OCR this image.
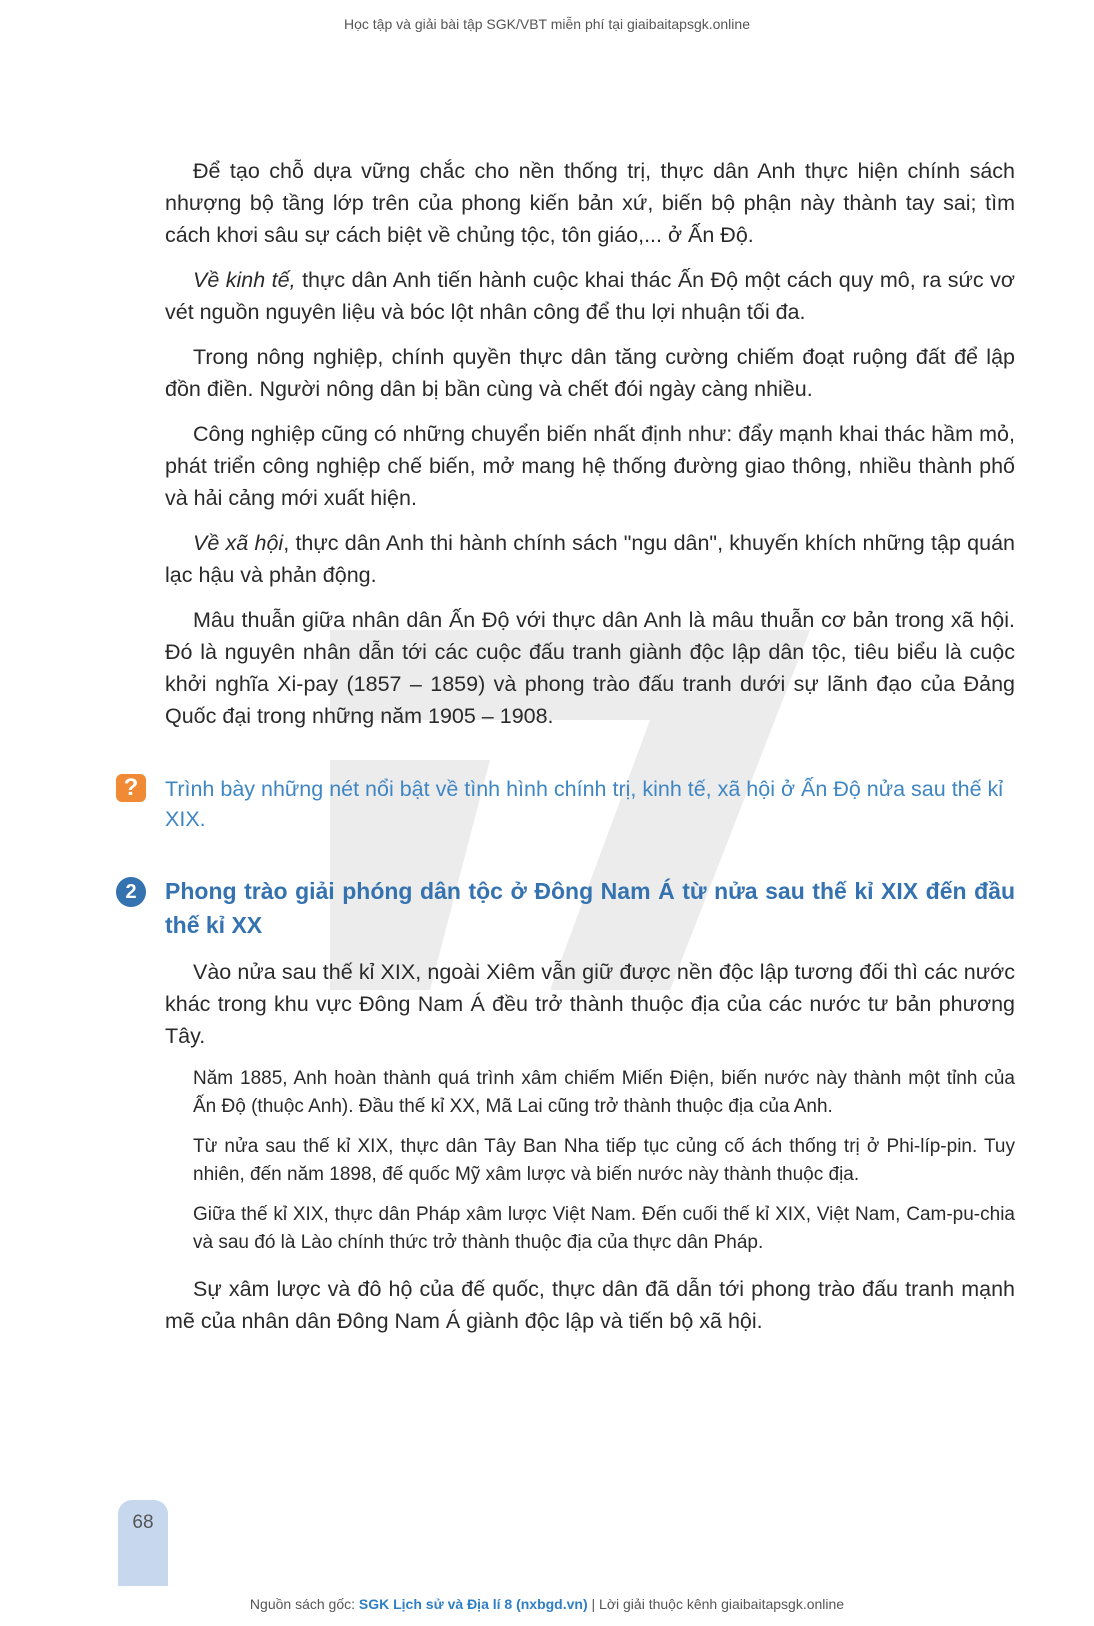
Học tập và giải bài tập SGK/VBT miễn phí tại giaibaitapsgk.online

Để tạo chỗ dựa vững chắc cho nền thống trị, thực dân Anh thực hiện chính sách nhượng bộ tầng lớp trên của phong kiến bản xứ, biến bộ phận này thành tay sai; tìm cách khơi sâu sự cách biệt về chủng tộc, tôn giáo,... ở Ấn Độ.

Về kinh tế, thực dân Anh tiến hành cuộc khai thác Ấn Độ một cách quy mô, ra sức vơ vét nguồn nguyên liệu và bóc lột nhân công để thu lợi nhuận tối đa.

Trong nông nghiệp, chính quyền thực dân tăng cường chiếm đoạt ruộng đất để lập đồn điền. Người nông dân bị bần cùng và chết đói ngày càng nhiều.

Công nghiệp cũng có những chuyển biến nhất định như: đẩy mạnh khai thác hầm mỏ, phát triển công nghiệp chế biến, mở mang hệ thống đường giao thông, nhiều thành phố và hải cảng mới xuất hiện.

Về xã hội, thực dân Anh thi hành chính sách "ngu dân", khuyến khích những tập quán lạc hậu và phản động.

Mâu thuẫn giữa nhân dân Ấn Độ với thực dân Anh là mâu thuẫn cơ bản trong xã hội. Đó là nguyên nhân dẫn tới các cuộc đấu tranh giành độc lập dân tộc, tiêu biểu là cuộc khởi nghĩa Xi-pay (1857 – 1859) và phong trào đấu tranh dưới sự lãnh đạo của Đảng Quốc đại trong những năm 1905 – 1908.

?	Trình bày những nét nổi bật về tình hình chính trị, kinh tế, xã hội ở Ấn Độ nửa sau thế kỉ XIX.
2	Phong trào giải phóng dân tộc ở Đông Nam Á từ nửa sau thế kỉ XIX đến đầu thế kỉ XX

Vào nửa sau thế kỉ XIX, ngoài Xiêm vẫn giữ được nền độc lập tương đối thì các nước khác trong khu vực Đông Nam Á đều trở thành thuộc địa của các nước tư bản phương Tây.

Năm 1885, Anh hoàn thành quá trình xâm chiếm Miến Điện, biến nước này thành một tỉnh của Ấn Độ (thuộc Anh). Đầu thế kỉ XX, Mã Lai cũng trở thành thuộc địa của Anh.

Từ nửa sau thế kỉ XIX, thực dân Tây Ban Nha tiếp tục củng cố ách thống trị ở Phi-líp-pin. Tuy nhiên, đến năm 1898, đế quốc Mỹ xâm lược và biến nước này thành thuộc địa.

Giữa thế kỉ XIX, thực dân Pháp xâm lược Việt Nam. Đến cuối thế kỉ XIX, Việt Nam, Cam-pu-chia và sau đó là Lào chính thức trở thành thuộc địa của thực dân Pháp.

Sự xâm lược và đô hộ của đế quốc, thực dân đã dẫn tới phong trào đấu tranh mạnh mẽ của nhân dân Đông Nam Á giành độc lập và tiến bộ xã hội.

68
Nguồn sách gốc: SGK Lịch sử và Địa lí 8 (nxbgd.vn) | Lời giải thuộc kênh giaibaitapsgk.online
